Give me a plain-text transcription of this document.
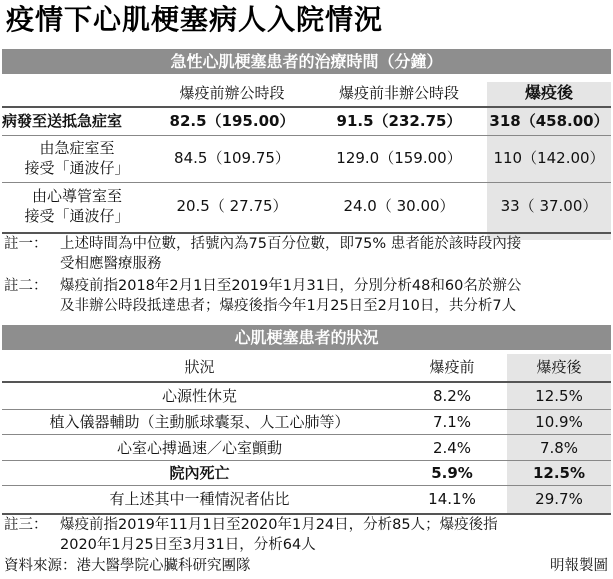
疫情下心肌梗塞病人入院情況
急性心肌梗塞患者的治療時間（分鐘）
爆疫前辦公時段	爆疫前非辦公時段	爆疫後
病發至送抵急症室	82.5（195.00）	91.5（232.75）	318（458.00）
由急症室至
接受「通波仔」
84.5（109.75）	129.0（159.00）	110（142.00）
由心導管室至
接受「通波仔」
20.5（ 27.75）	24.0（ 30.00）	33（ 37.00）
註一： 上述時間為中位數，括號內為75百分位數，即75% 患者能於該時段內接
受相應醫療服務
註二： 爆疫前指2018年2月1日至2019年1月31日，分別分析48和60名於辦公
及非辦公時段抵達患者；爆疫後指今年1月25日至2月10日，共分析7人
心肌梗塞患者的狀況
狀況	爆疫前	爆疫後
心源性休克	8.2%	12.5%
植入儀器輔助（主動脈球囊泵、人工心肺等）	7.1%	10.9%
心室心搏過速／心室顫動	2.4%	7.8%
院內死亡	5.9%	12.5%
有上述其中一種情況者佔比	14.1%	29.7%
註三： 爆疫前指2019年11月1日至2020年1月24日，分析85人；爆疫後指
2020年1月25日至3月31日，分析64人
資料來源：港大醫學院心臟科研究團隊	明報製圖
